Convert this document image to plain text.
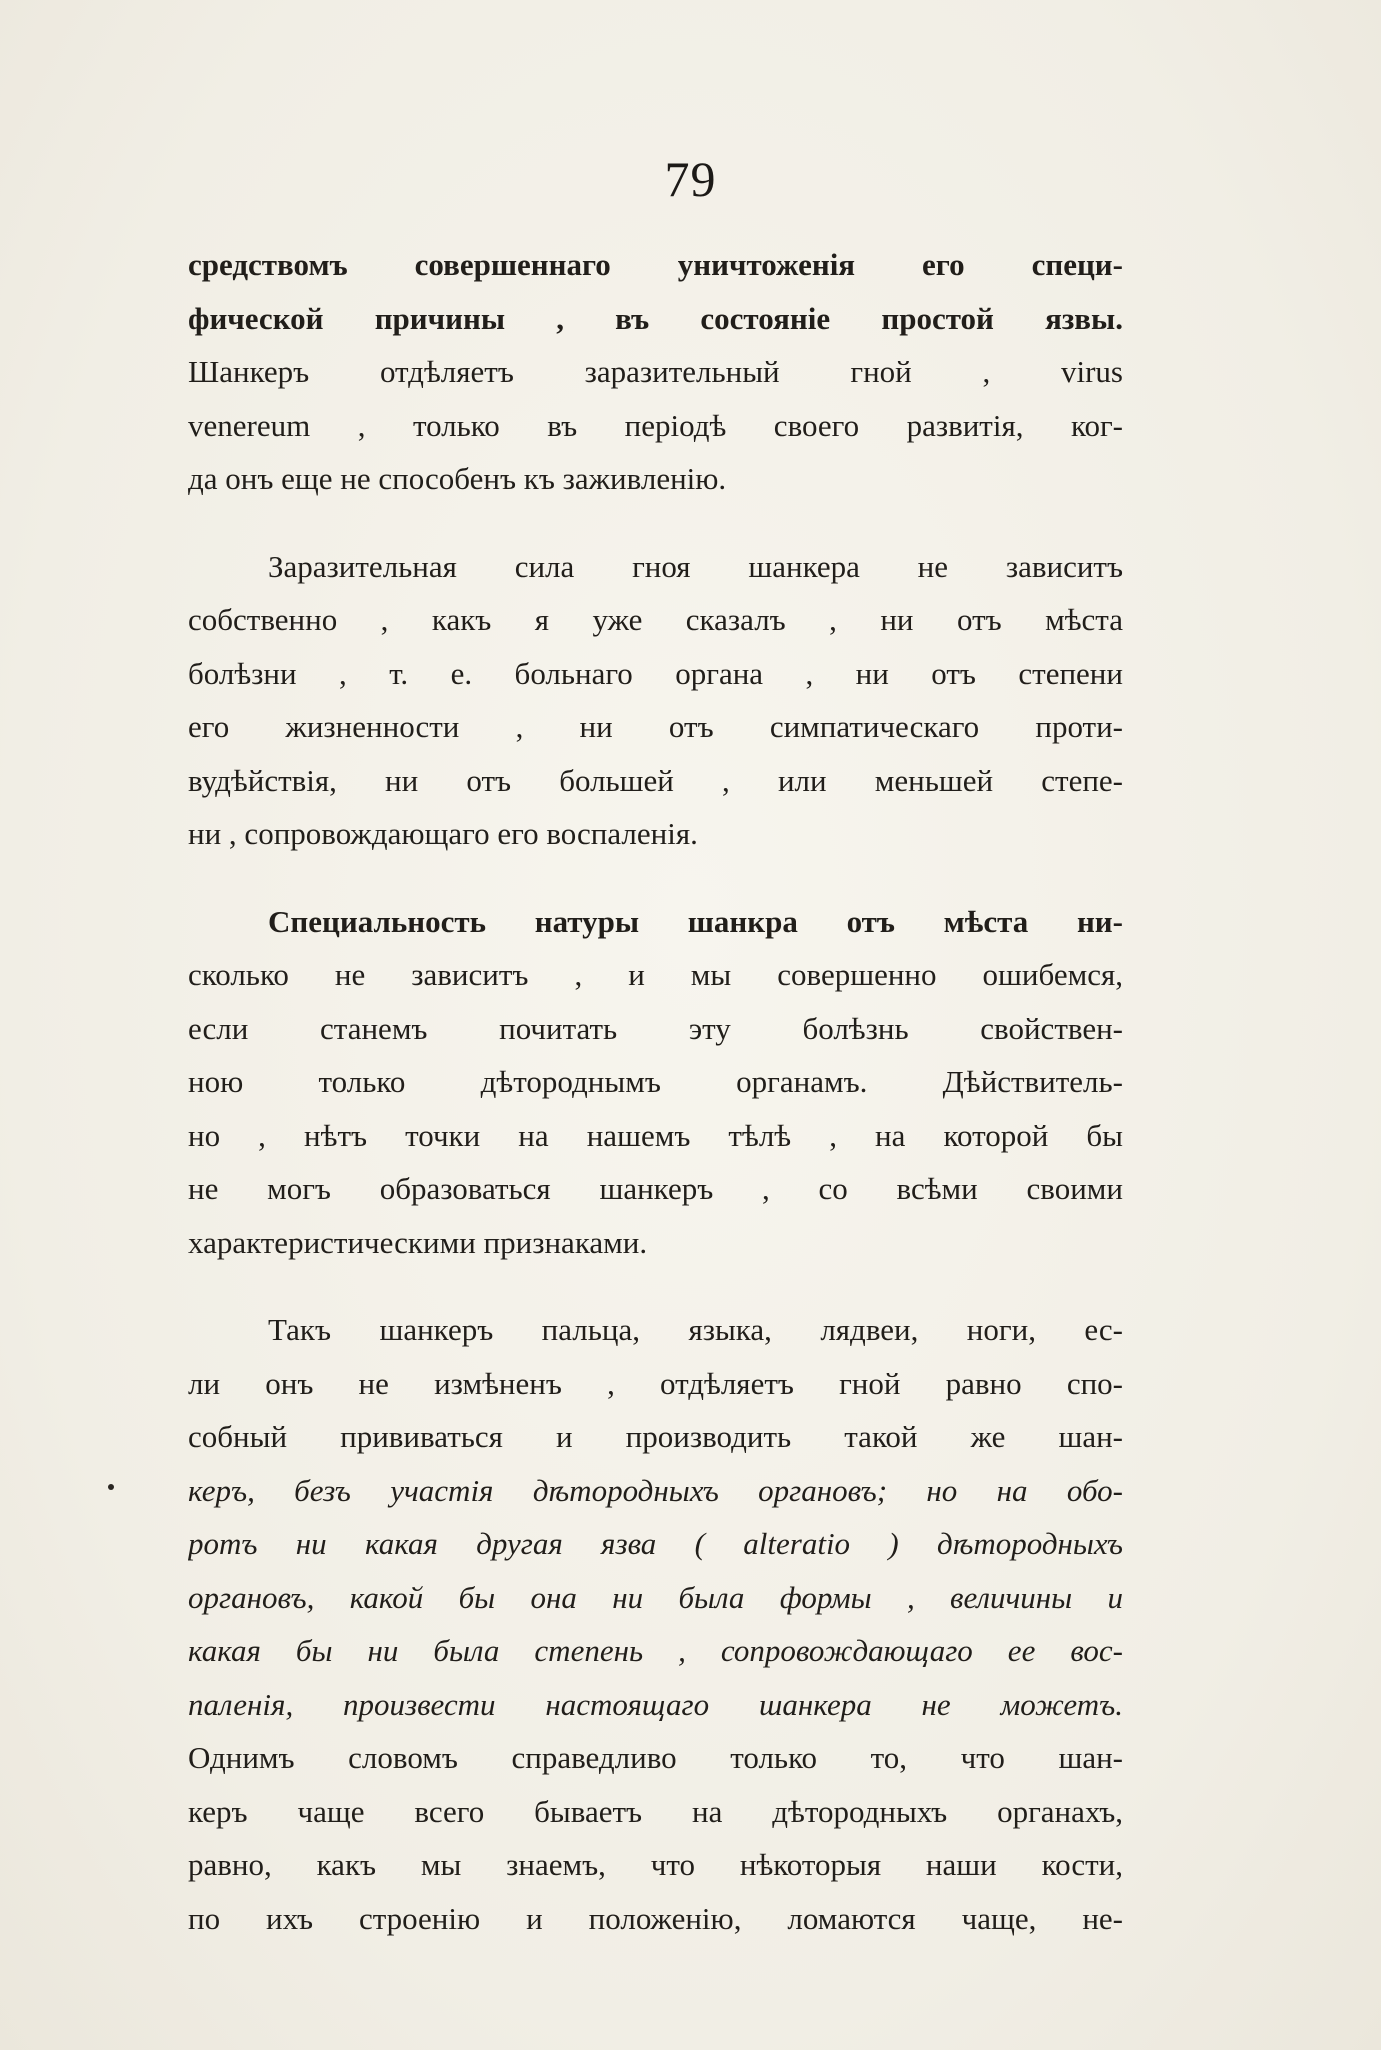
79
средствомъ совершеннаго уничтоженія его специ-
фической причины , въ состояніе простой язвы.
Шанкеръ отдѣляетъ заразительный гной , virus
venereum , только въ періодѣ своего развитія, ког-
да онъ еще не способенъ къ заживленію.
Заразительная сила гноя шанкера не зависитъ
собственно , какъ я уже сказалъ , ни отъ мѣста
болѣзни , т. е. больнаго органа , ни отъ степени
его жизненности , ни отъ симпатическаго проти-
вудѣйствія, ни отъ большей , или меньшей степе-
ни , сопровождающаго его воспаленія.
Специальность натуры шанкра отъ мѣста ни-
сколько не зависитъ , и мы совершенно ошибемся,
если станемъ почитать эту болѣзнь свойствен-
ною только дѣтороднымъ органамъ. Дѣйствитель-
но , нѣтъ точки на нашемъ тѣлѣ , на которой бы
не могъ образоваться шанкеръ , со всѣми своими
характеристическими признаками.
Такъ шанкеръ пальца, языка, лядвеи, ноги, ес-
ли онъ не измѣненъ , отдѣляетъ гной равно спо-
собный прививаться и производить такой же шан-
керъ, безъ участія дѣтородныхъ органовъ; но на обо-
ротъ ни какая другая язва ( alteratio ) дѣтородныхъ
органовъ, какой бы она ни была формы , величины и
какая бы ни была степень , сопровождающаго ее вос-
паленія, произвести настоящаго шанкера не можетъ.
Однимъ словомъ справедливо только то, что шан-
керъ чаще всего бываетъ на дѣтородныхъ органахъ,
равно, какъ мы знаемъ, что нѣкоторыя наши кости,
по ихъ строенію и положенію, ломаются чаще, не-
